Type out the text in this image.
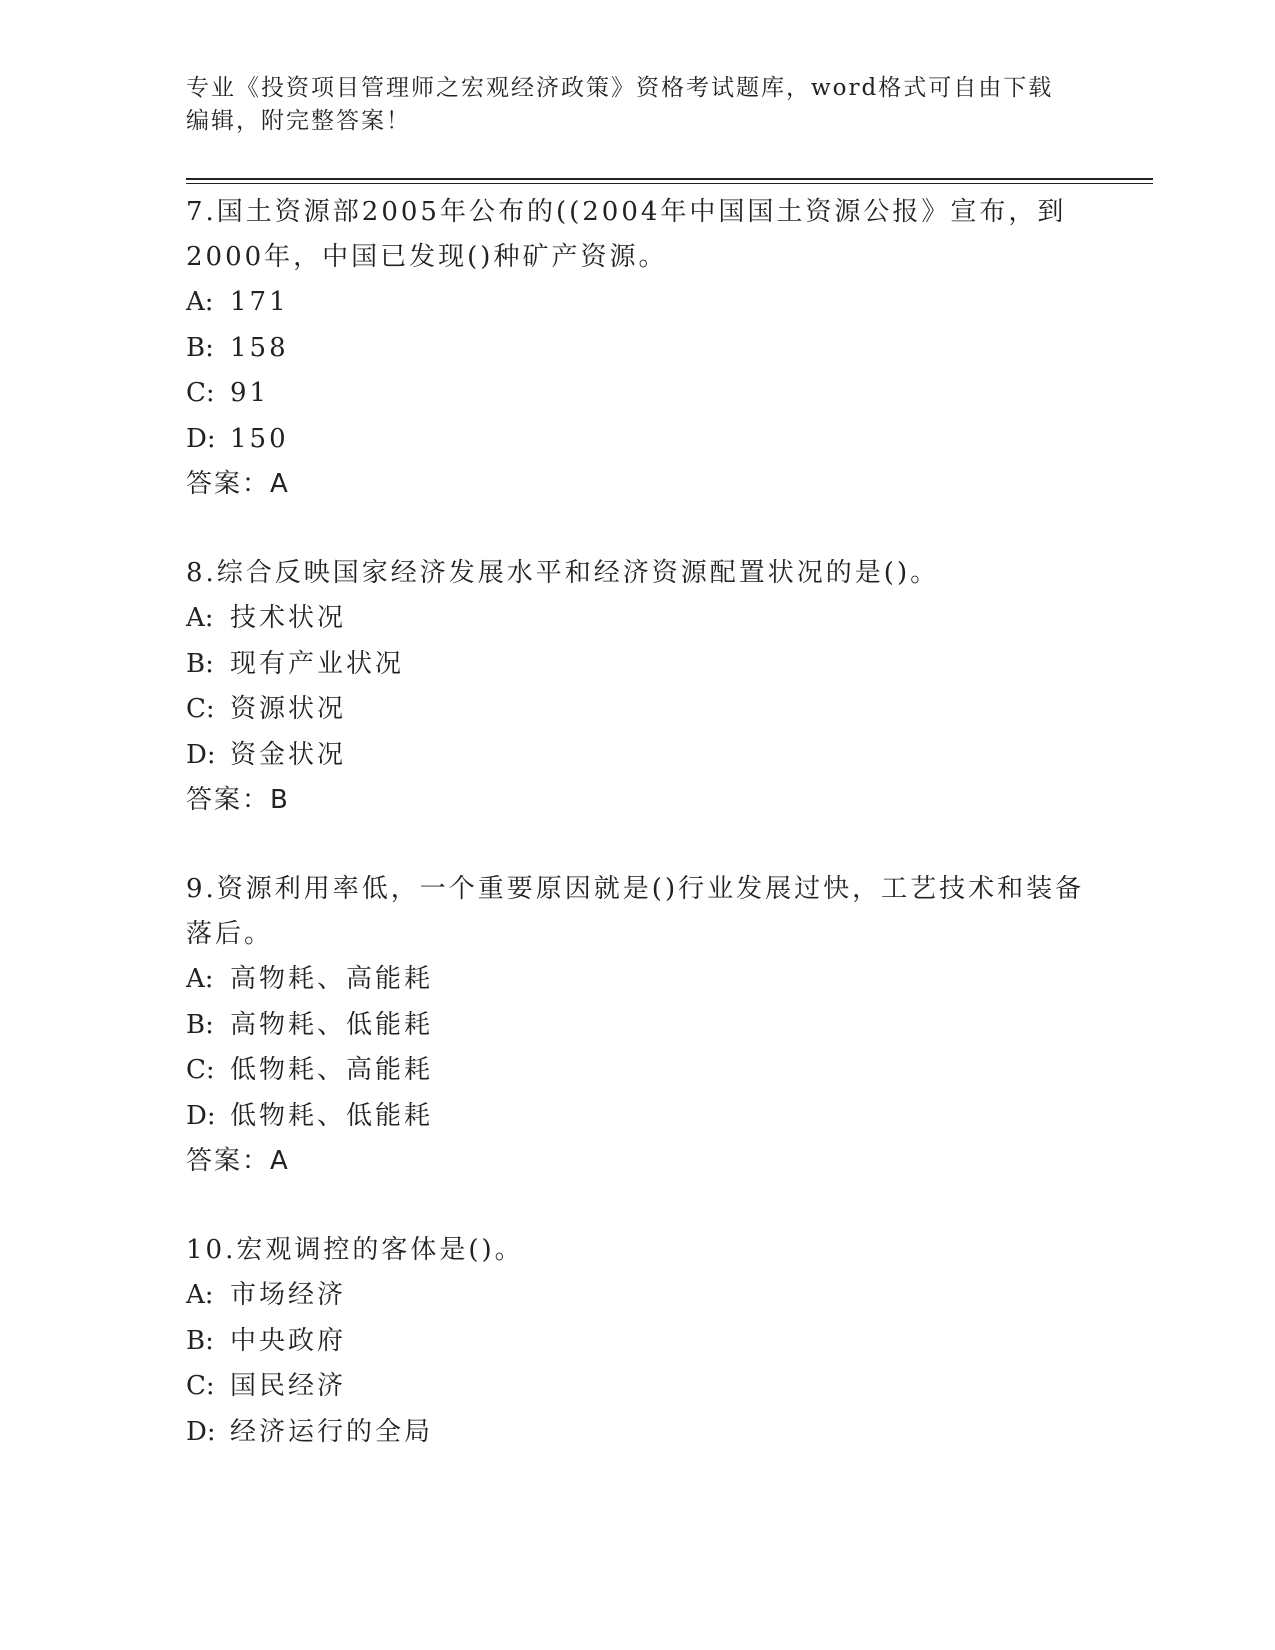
专业《投资项目管理师之宏观经济政策》资格考试题库，word格式可自由下载编辑，附完整答案！

7.国土资源部2005年公布的((2004年中国国土资源公报》宣布，到2000年，中国已发现()种矿产资源。

A: 171

B: 158

C: 91

D: 150

答案：A

8.综合反映国家经济发展水平和经济资源配置状况的是()。

A: 技术状况

B: 现有产业状况

C: 资源状况

D: 资金状况

答案：B

9.资源利用率低，一个重要原因就是()行业发展过快，工艺技术和装备落后。

A: 高物耗、高能耗

B: 高物耗、低能耗

C: 低物耗、高能耗

D: 低物耗、低能耗

答案：A

10.宏观调控的客体是()。

A: 市场经济

B: 中央政府

C: 国民经济

D: 经济运行的全局
